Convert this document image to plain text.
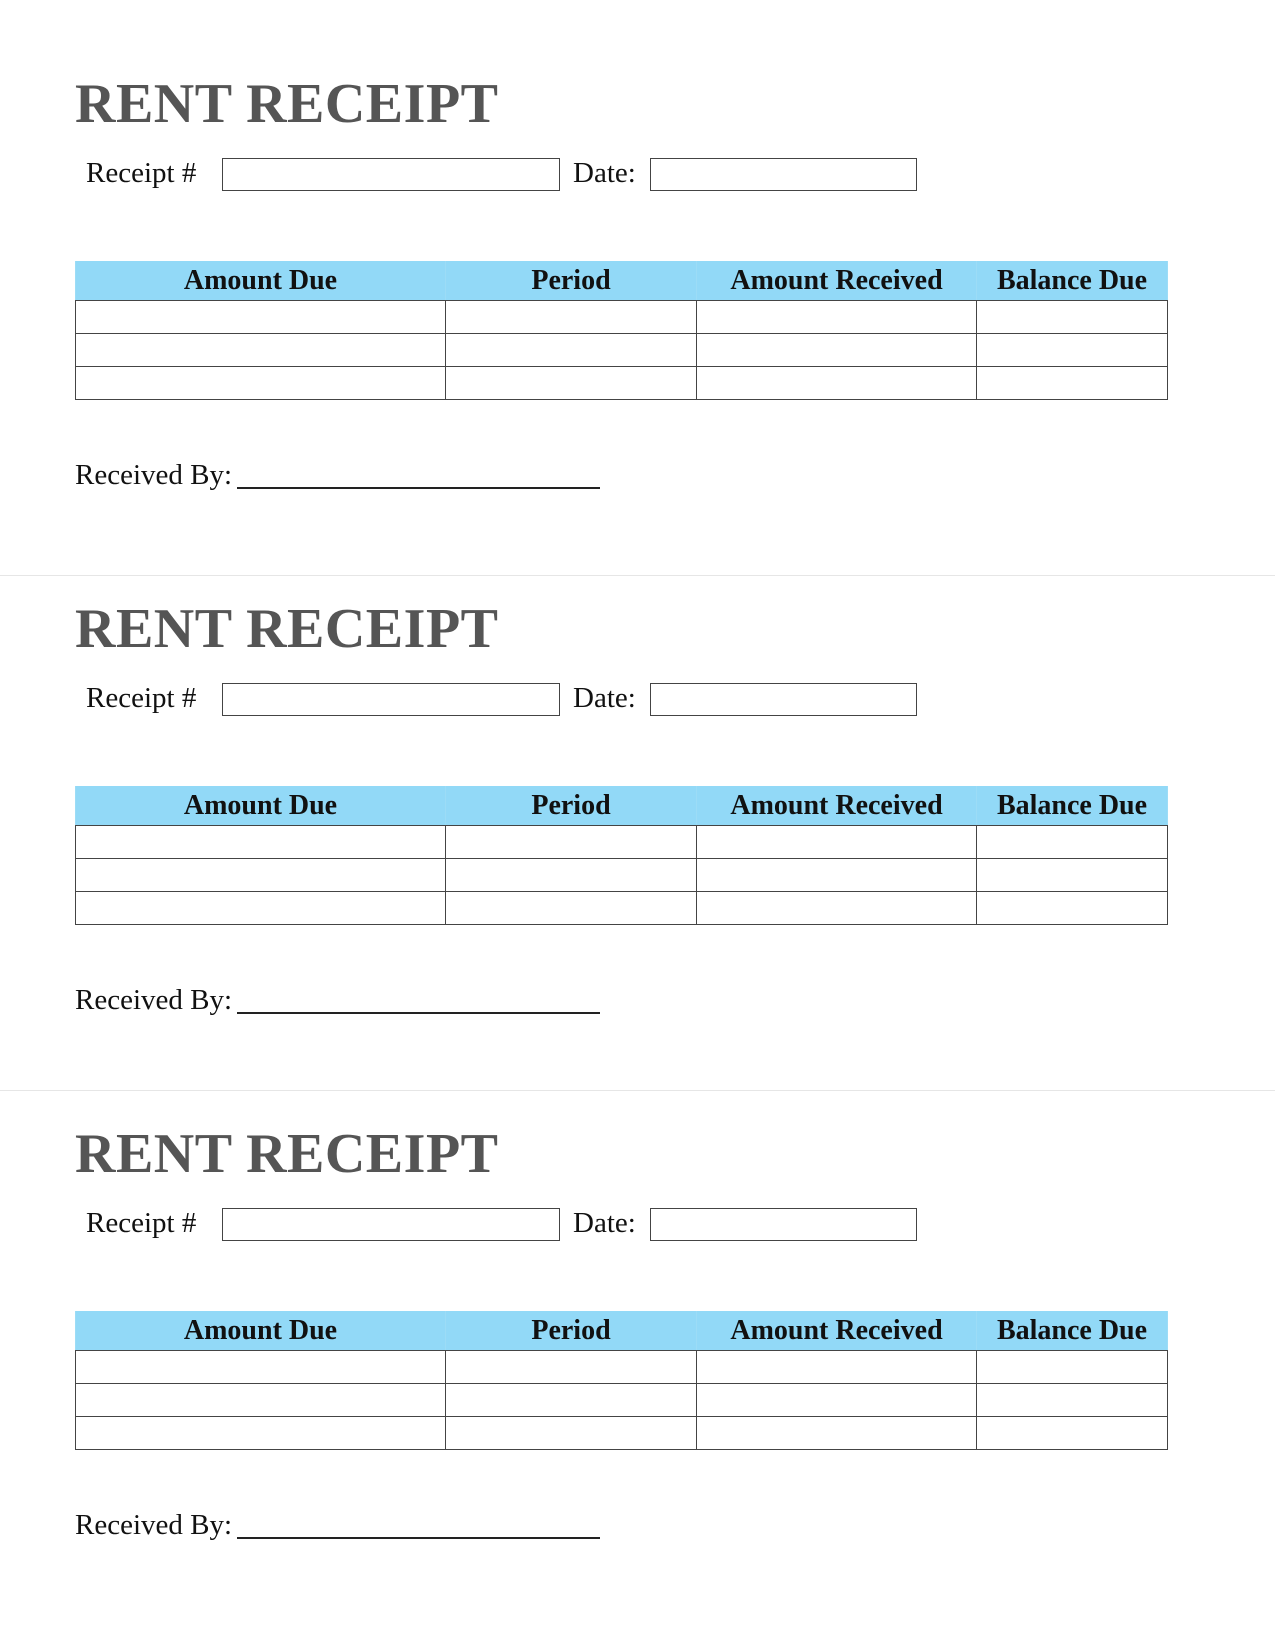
RENT RECEIPT
Receipt #	Date:
Amount Due	Period	Amount Received	Balance Due

Received By:
RENT RECEIPT
Receipt #	Date:
Amount Due	Period	Amount Received	Balance Due

Received By:
RENT RECEIPT
Receipt #	Date:
Amount Due	Period	Amount Received	Balance Due

Received By:
